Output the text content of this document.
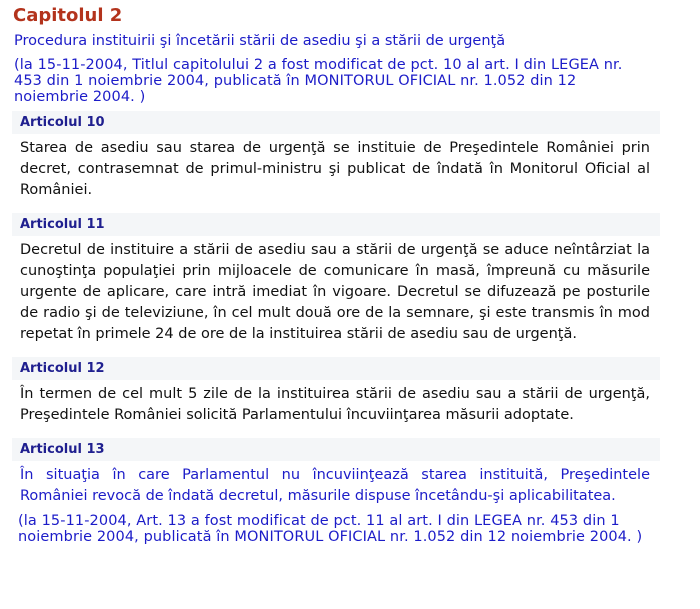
Capitolul 2
Procedura instituirii şi încetării stării de asediu şi a stării de urgenţă
(la 15-11-2004, Titlul capitolului 2 a fost modificat de pct. 10 al art. I din LEGEA nr. 453 din 1 noiembrie 2004, publicată în MONITORUL OFICIAL nr. 1.052 din 12 noiembrie 2004. )
Articolul 10
Starea de asediu sau starea de urgenţă se instituie de Preşedintele României prin decret, contrasemnat de primul-ministru şi publicat de îndată în Monitorul Oficial al României.
Articolul 11
Decretul de instituire a stării de asediu sau a stării de urgenţă se aduce neîntârziat la cunoştinţa populaţiei prin mijloacele de comunicare în masă, împreună cu măsurile urgente de aplicare, care intră imediat în vigoare. Decretul se difuzează pe posturile de radio şi de televiziune, în cel mult două ore de la semnare, şi este transmis în mod repetat în primele 24 de ore de la instituirea stării de asediu sau de urgenţă.
Articolul 12
În termen de cel mult 5 zile de la instituirea stării de asediu sau a stării de urgenţă, Preşedintele României solicită Parlamentului încuviinţarea măsurii adoptate.
Articolul 13
În situaţia în care Parlamentul nu încuviinţează starea instituită, Preşedintele României revocă de îndată decretul, măsurile dispuse încetându-şi aplicabilitatea.
(la 15-11-2004, Art. 13 a fost modificat de pct. 11 al art. I din LEGEA nr. 453 din 1 noiembrie 2004, publicată în MONITORUL OFICIAL nr. 1.052 din 12 noiembrie 2004. )
